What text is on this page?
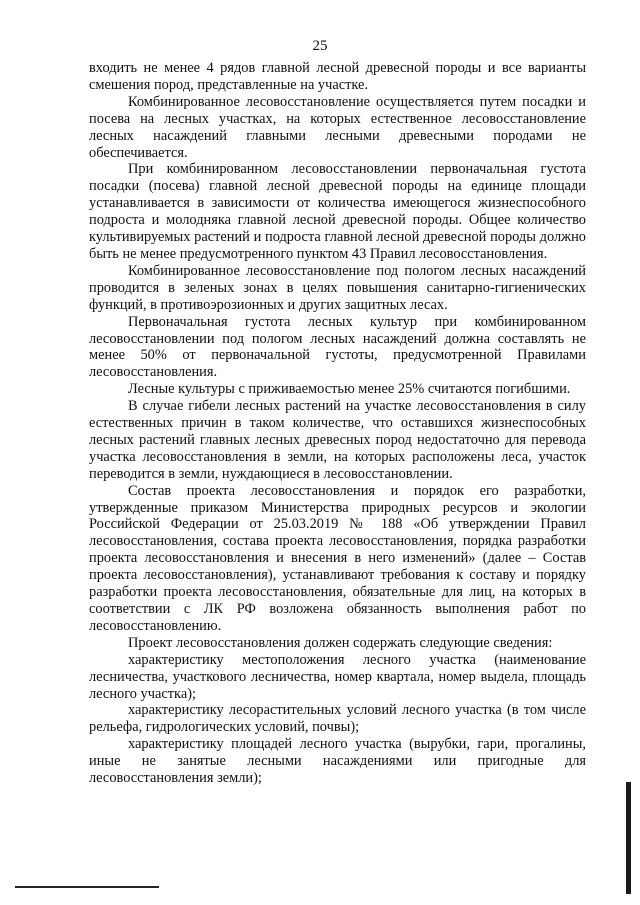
25

входить не менее 4 рядов главной лесной древесной породы и все варианты смешения пород, представленные на участке.

Комбинированное лесовосстановление осуществляется путем посадки и посева на лесных участках, на которых естественное лесовосстановление лесных насаждений главными лесными древесными породами не обеспечивается.

При комбинированном лесовосстановлении первоначальная густота посадки (посева) главной лесной древесной породы на единице площади устанавливается в зависимости от количества имеющегося жизнеспособного подроста и молодняка главной лесной древесной породы. Общее количество культивируемых растений и подроста главной лесной древесной породы должно быть не менее предусмотренного пунктом 43 Правил лесовосстановления.

Комбинированное лесовосстановление под пологом лесных насаждений проводится в зеленых зонах в целях повышения санитарно-гигиенических функций, в противоэрозионных и других защитных лесах.

Первоначальная густота лесных культур при комбинированном лесовосстановлении под пологом лесных насаждений должна составлять не менее 50% от первоначальной густоты, предусмотренной Правилами лесовосстановления.

Лесные культуры с приживаемостью менее 25% считаются погибшими.

В случае гибели лесных растений на участке лесовосстановления в силу естественных причин в таком количестве, что оставшихся жизнеспособных лесных растений главных лесных древесных пород недостаточно для перевода участка лесовосстановления в земли, на которых расположены леса, участок переводится в земли, нуждающиеся в лесовосстановлении.

Состав проекта лесовосстановления и порядок его разработки, утвержденные приказом Министерства природных ресурсов и экологии Российской Федерации от 25.03.2019 № 188 «Об утверждении Правил лесовосстановления, состава проекта лесовосстановления, порядка разработки проекта лесовосстановления и внесения в него изменений» (далее – Состав проекта лесовосстановления), устанавливают требования к составу и порядку разработки проекта лесовосстановления, обязательные для лиц, на которых в соответствии с ЛК РФ возложена обязанность выполнения работ по лесовосстановлению.

Проект лесовосстановления должен содержать следующие сведения:

характеристику местоположения лесного участка (наименование лесничества, участкового лесничества, номер квартала, номер выдела, площадь лесного участка);

характеристику лесорастительных условий лесного участка (в том числе рельефа, гидрологических условий, почвы);

характеристику площадей лесного участка (вырубки, гари, прогалины, иные не занятые лесными насаждениями или пригодные для лесовосстановления земли);
